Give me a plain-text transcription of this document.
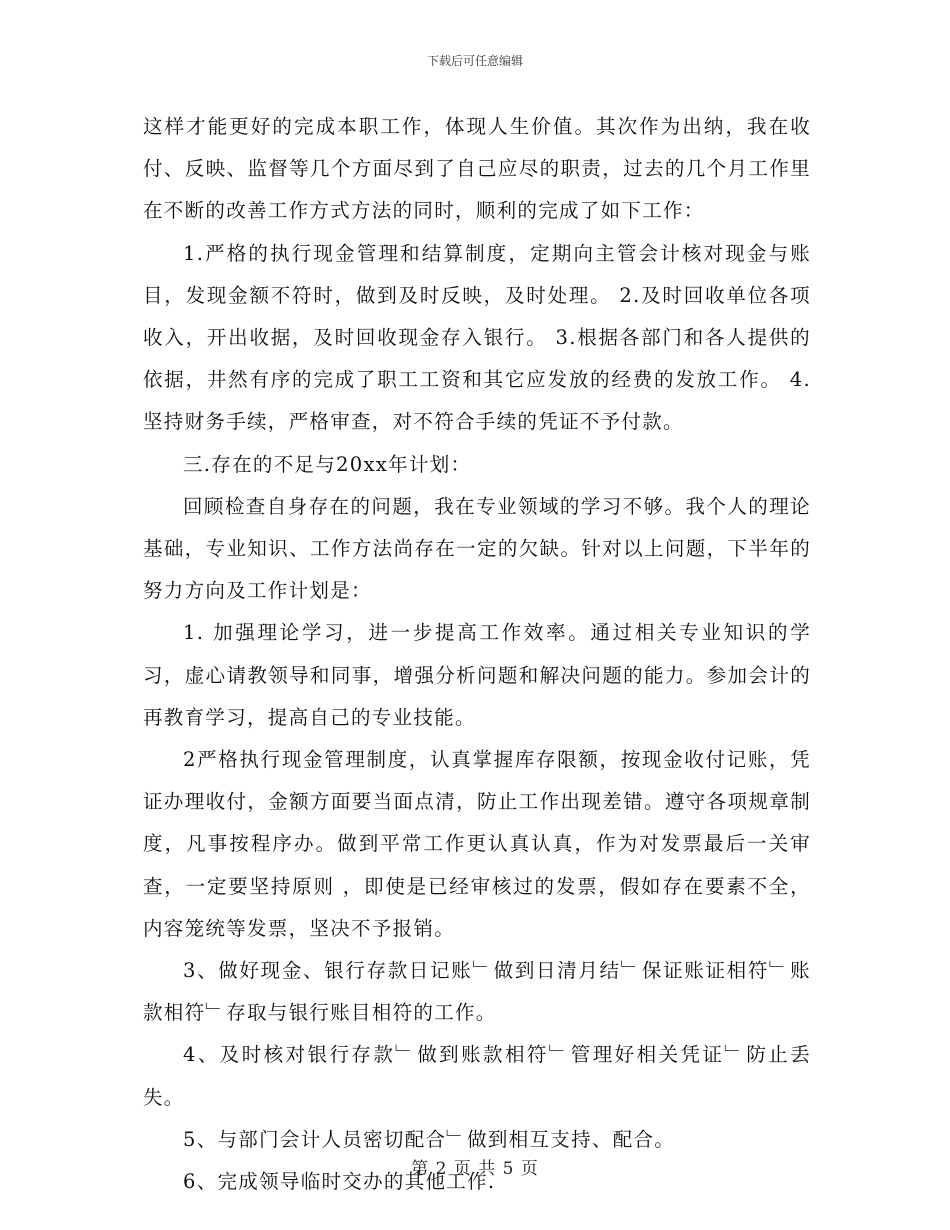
下载后可任意编辑

这样才能更好的完成本职工作，体现人生价值。其次作为出纳，我在收付、反映、监督等几个方面尽到了自己应尽的职责，过去的几个月工作里在不断的改善工作方式方法的同时，顺利的完成了如下工作：

1.严格的执行现金管理和结算制度，定期向主管会计核对现金与账目，发现金额不符时，做到及时反映，及时处理。 2.及时回收单位各项收入，开出收据，及时回收现金存入银行。 3.根据各部门和各人提供的依据，井然有序的完成了职工工资和其它应发放的经费的发放工作。 4.坚持财务手续，严格审查，对不符合手续的凭证不予付款。

三.存在的不足与20xx年计划：

回顾检查自身存在的问题，我在专业领域的学习不够。我个人的理论基础，专业知识、工作方法尚存在一定的欠缺。针对以上问题，下半年的努力方向及工作计划是：

1. 加强理论学习，进一步提高工作效率。通过相关专业知识的学习，虚心请教领导和同事，增强分析问题和解决问题的能力。参加会计的再教育学习，提高自己的专业技能。

2严格执行现金管理制度，认真掌握库存限额，按现金收付记账，凭证办理收付，金额方面要当面点清，防止工作出现差错。遵守各项规章制度，凡事按程序办。做到平常工作更认真认真，作为对发票最后一关审查，一定要坚持原则 ，即使是已经审核过的发票，假如存在要素不全，内容笼统等发票，坚决不予报销。

3、做好现金、银行存款日记账﹂做到日清月结﹂保证账证相符﹂账款相符﹂存取与银行账目相符的工作。

4、及时核对银行存款﹂做到账款相符﹂管理好相关凭证﹂防止丢失。

5、与部门会计人员密切配合﹂做到相互支持、配合。

6、完成领导临时交办的其他工作.

第 2 页 共 5 页
